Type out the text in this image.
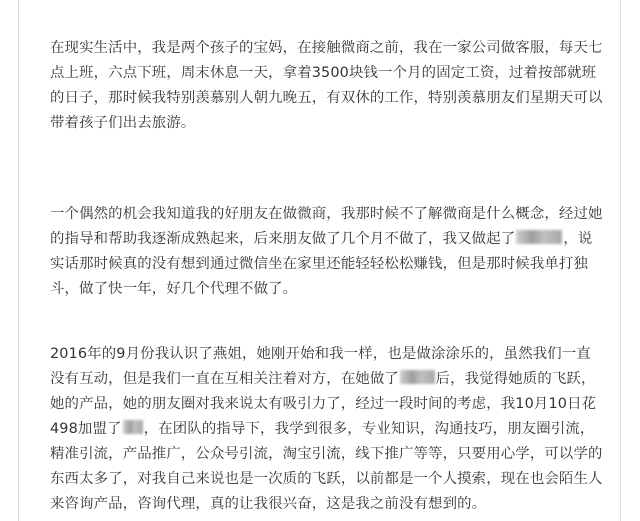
在现实生活中，我是两个孩子的宝妈，在接触微商之前，我在一家公司做客服，每天七点上班，六点下班，周末休息一天，拿着3500块钱一个月的固定工资，过着按部就班的日子，那时候我特别羡慕别人朝九晚五，有双休的工作，特别羡慕朋友们星期天可以带着孩子们出去旅游。

一个偶然的机会我知道我的好朋友在做微商，我那时候不了解微商是什么概念，经过她的指导和帮助我逐渐成熟起来，后来朋友做了几个月不做了，我又做起了	，说实话那时候真的没有想到通过微信坐在家里还能轻轻松松赚钱，但是那时候我单打独斗，做了快一年，好几个代理不做了。

2016年的9月份我认识了燕姐，她刚开始和我一样，也是做涂涂乐的，虽然我们一直没有互动，但是我们一直在互相关注着对方，在她做了	后，我觉得她质的飞跃，她的产品，她的朋友圈对我来说太有吸引力了，经过一段时间的考虑，我10月10日花498加盟了 ，在团队的指导下，我学到很多，专业知识，沟通技巧，朋友圈引流，精准引流，产品推广，公众号引流，淘宝引流，线下推广等等，只要用心学，可以学的东西太多了，对我自己来说也是一次质的飞跃，以前都是一个人摸索，现在也会陌生人来咨询产品，咨询代理，真的让我很兴奋，这是我之前没有想到的。
